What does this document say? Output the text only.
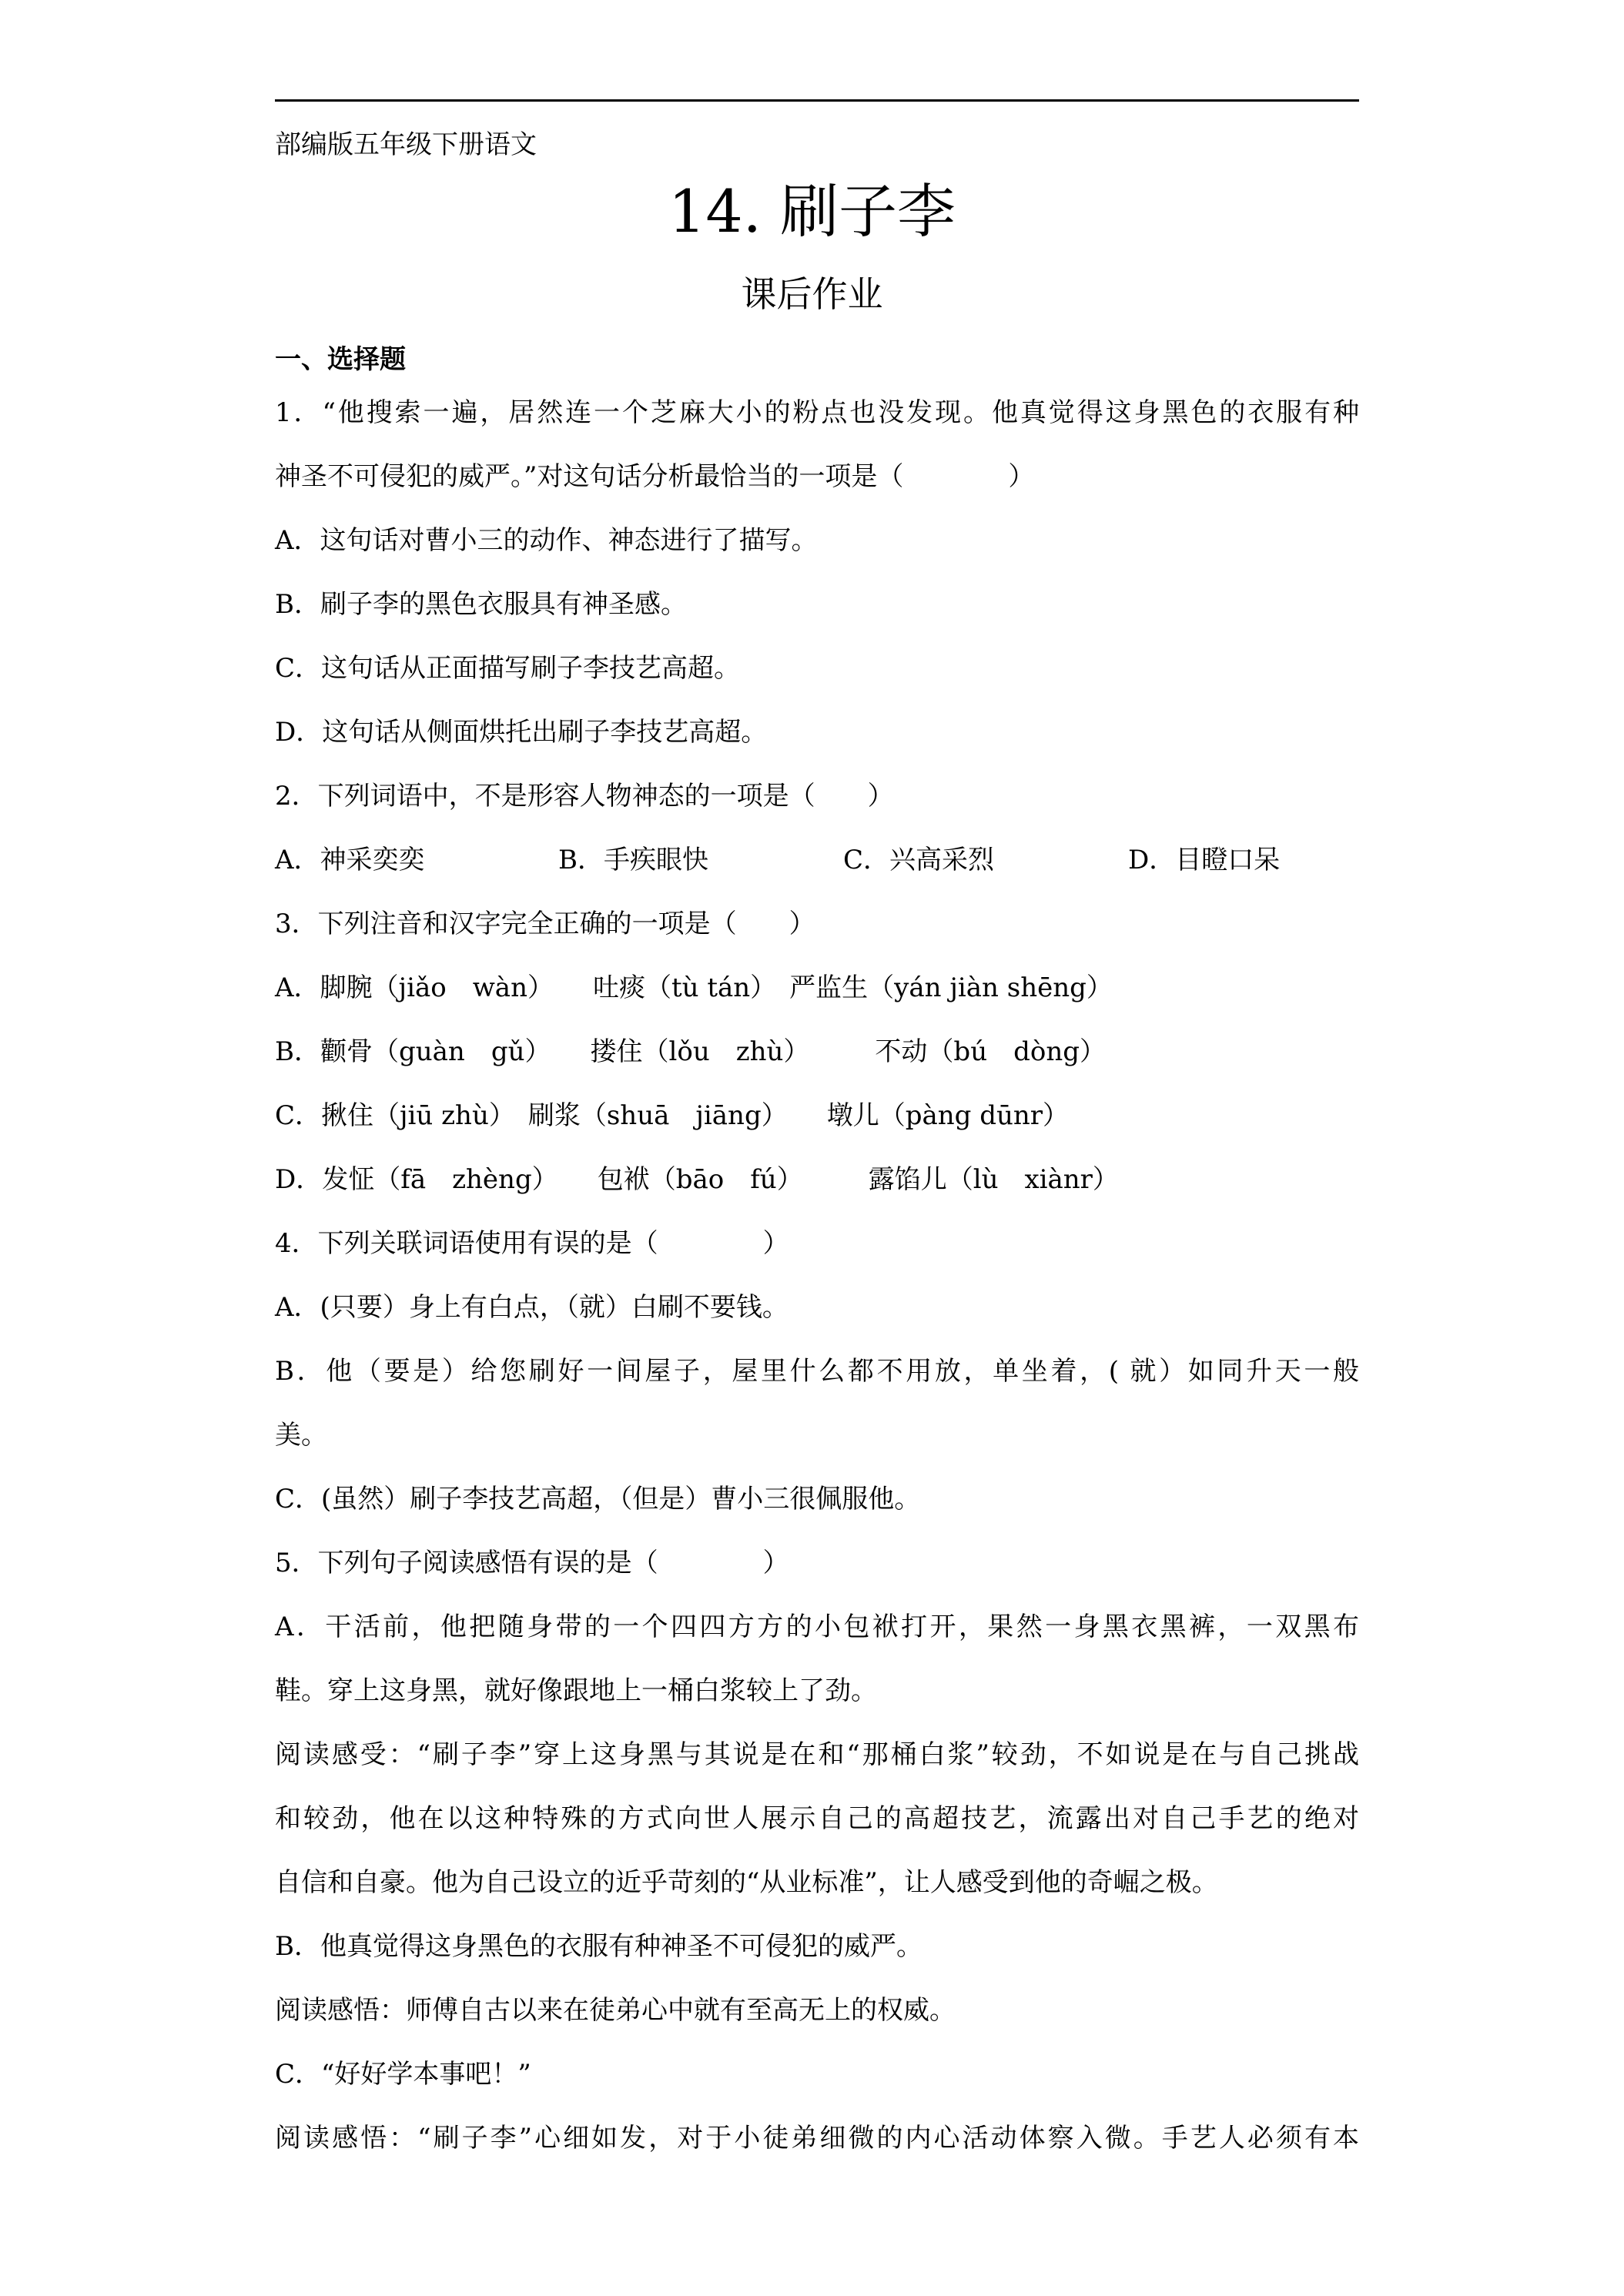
部编版五年级下册语文
14. 刷子李
课后作业
一、选择题
1．“他搜索一遍，居然连一个芝麻大小的粉点也没发现。他真觉得这身黑色的衣服有种
神圣不可侵犯的威严。”对这句话分析最恰当的一项是（　　　　）
A．这句话对曹小三的动作、神态进行了描写。
B．刷子李的黑色衣服具有神圣感。
C．这句话从正面描写刷子李技艺高超。
D．这句话从侧面烘托出刷子李技艺高超。
2．下列词语中，不是形容人物神态的一项是（　　）
A．神采奕奕	B．手疾眼快	C．兴高采烈	D．目瞪口呆
3．下列注音和汉字完全正确的一项是（　　）
A．脚腕（jiǎo　wàn）　　吐痰（tù tán）　严监生（yán jiàn shēng）
B．颧骨（guàn　gǔ）　　搂住（lǒu　zhù）　　　不动（bú　dòng）
C．揪住（jiū zhù）　刷浆（shuā　jiāng）　　墩儿（pàng dūnr）
D．发怔（fā　zhèng）　　包袱（bāo　fú）　　　露馅儿（lù　xiànr）
4．下列关联词语使用有误的是（　　　　）
A．(只要）身上有白点，（就）白刷不要钱。
B．他（要是）给您刷好一间屋子，屋里什么都不用放，单坐着，( 就）如同升天一般
美。
C．(虽然）刷子李技艺高超，（但是）曹小三很佩服他。
5．下列句子阅读感悟有误的是（　　　　）
A．干活前，他把随身带的一个四四方方的小包袱打开，果然一身黑衣黑裤，一双黑布
鞋。穿上这身黑，就好像跟地上一桶白浆较上了劲。
阅读感受：“刷子李”穿上这身黑与其说是在和“那桶白浆”较劲，不如说是在与自己挑战
和较劲，他在以这种特殊的方式向世人展示自己的高超技艺，流露出对自己手艺的绝对
自信和自豪。他为自己设立的近乎苛刻的“从业标准”，让人感受到他的奇崛之极。
B．他真觉得这身黑色的衣服有种神圣不可侵犯的威严。
阅读感悟：师傅自古以来在徒弟心中就有至高无上的权威。
C．“好好学本事吧！”
阅读感悟：“刷子李”心细如发，对于小徒弟细微的内心活动体察入微。手艺人必须有本
